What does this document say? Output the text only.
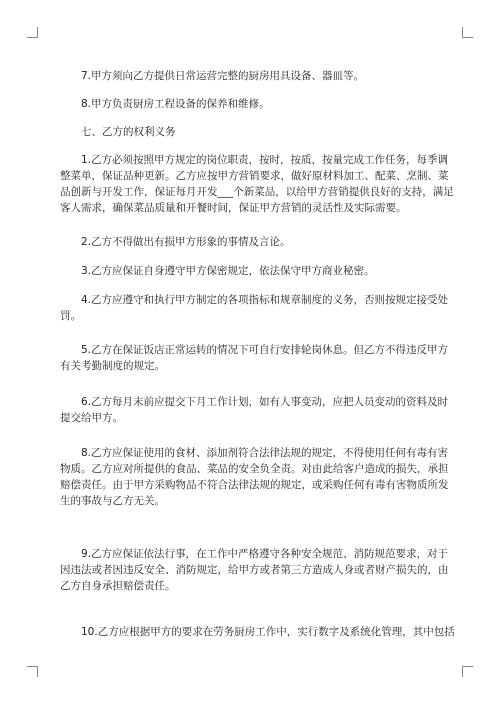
7.甲方须向乙方提供日常运营完整的厨房用具设备、器皿等。
8.甲方负责厨房工程设备的保养和维修。
七、乙方的权利义务
1.乙方必须按照甲方规定的岗位职责，按时，按质，按量完成工作任务，每季调
整菜单，保证品种更新。乙方应按甲方营销要求，做好原材料加工、配菜、烹制、菜
品创新与开发工作，保证每月开发___个新菜品，以给甲方营销提供良好的支持，满足
客人需求，确保菜品质量和开餐时间，保证甲方营销的灵活性及实际需要。
2.乙方不得做出有损甲方形象的事情及言论。
3.乙方应保证自身遵守甲方保密规定，依法保守甲方商业秘密。
4.乙方应遵守和执行甲方制定的各项指标和规章制度的义务，否则按规定接受处
罚。
5.乙方在保证饭店正常运转的情况下可自行安排轮岗休息。但乙方不得违反甲方
有关考勤制度的规定。
6.乙方每月末前应提交下月工作计划，如有人事变动，应把人员变动的资料及时
提交给甲方。
8.乙方应保证使用的食材、添加剂符合法律法规的规定，不得使用任何有毒有害
物质。乙方应对所提供的食品、菜品的安全负全责。对由此给客户造成的损失，承担
赔偿责任。由于甲方采购物品不符合法律法规的规定，或采购任何有毒有害物质所发
生的事故与乙方无关。
9.乙方应保证依法行事，在工作中严格遵守各种安全规范、消防规范要求，对于
因违法或者因违反安全、消防规定，给甲方或者第三方造成人身或者财产损失的，由
乙方自身承担赔偿责任。
10.乙方应根据甲方的要求在劳务厨房工作中，实行数字及系统化管理，其中包括
